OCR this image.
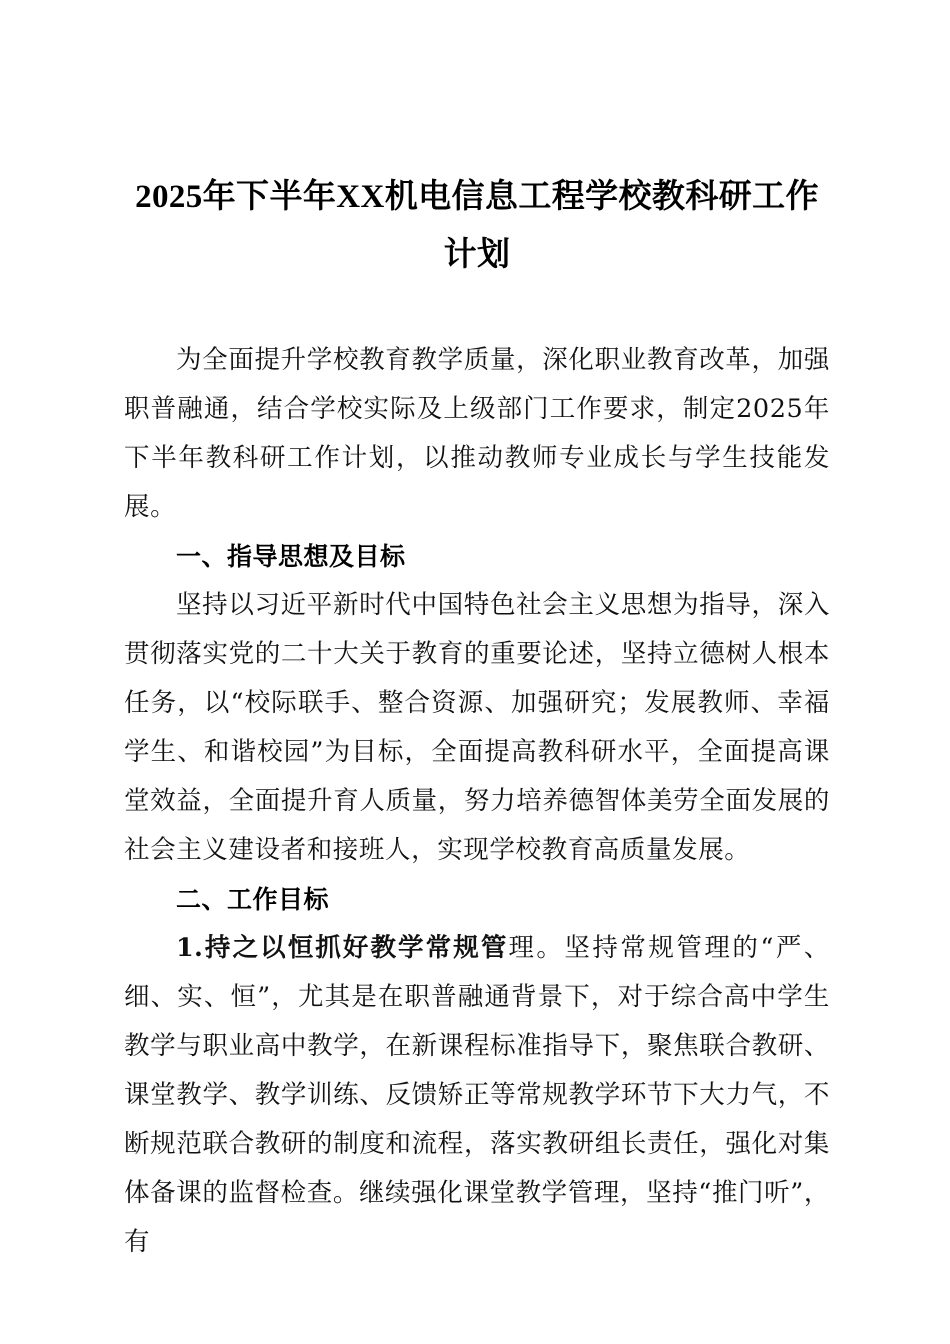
2025年下半年XX机电信息工程学校教科研工作计划

为全面提升学校教育教学质量，深化职业教育改革，加强职普融通，结合学校实际及上级部门工作要求，制定2025年下半年教科研工作计划，以推动教师专业成长与学生技能发展。

一、指导思想及目标

坚持以习近平新时代中国特色社会主义思想为指导，深入贯彻落实党的二十大关于教育的重要论述，坚持立德树人根本任务，以“校际联手、整合资源、加强研究；发展教师、幸福学生、和谐校园”为目标，全面提高教科研水平，全面提高课堂效益，全面提升育人质量，努力培养德智体美劳全面发展的社会主义建设者和接班人，实现学校教育高质量发展。

二、工作目标

1.持之以恒抓好教学常规管理。坚持常规管理的“严、细、实、恒”，尤其是在职普融通背景下，对于综合高中学生教学与职业高中教学，在新课程标准指导下，聚焦联合教研、课堂教学、教学训练、反馈矫正等常规教学环节下大力气，不断规范联合教研的制度和流程，落实教研组长责任，强化对集体备课的监督检查。继续强化课堂教学管理，坚持“推门听”，有
